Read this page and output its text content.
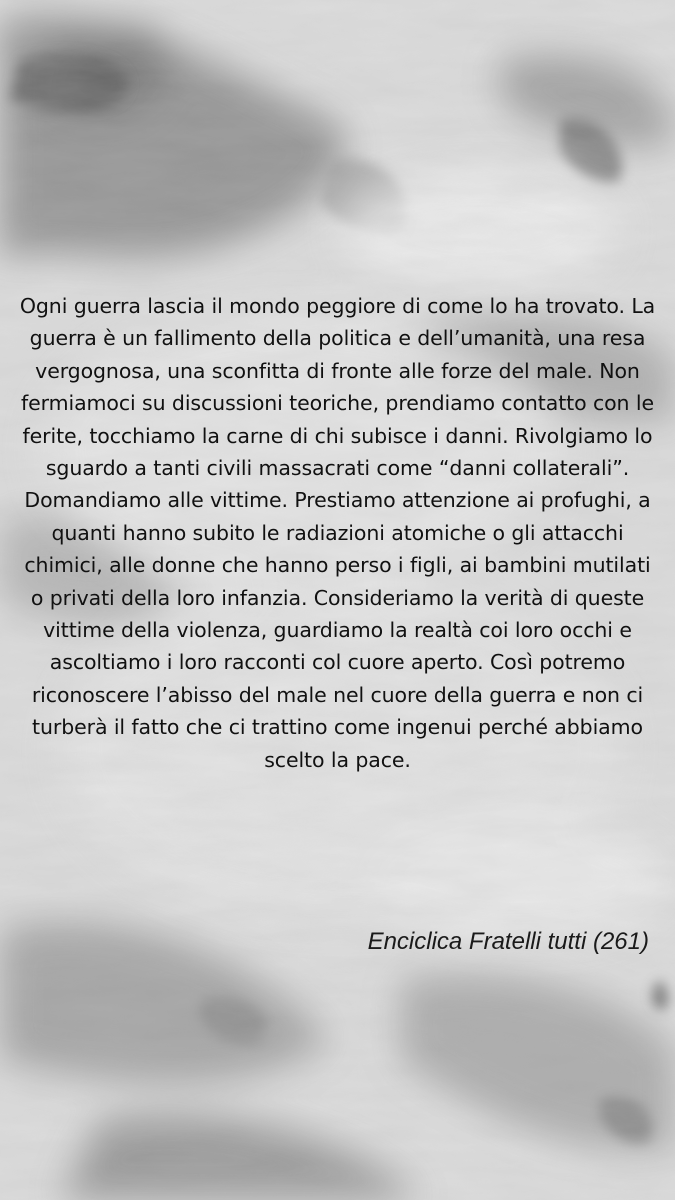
Ogni guerra lascia il mondo peggiore di come lo ha trovato. La guerra è un fallimento della politica e dell’umanità, una resa vergognosa, una sconfitta di fronte alle forze del male. Non fermiamoci su discussioni teoriche, prendiamo contatto con le ferite, tocchiamo la carne di chi subisce i danni. Rivolgiamo lo sguardo a tanti civili massacrati come “danni collaterali”. Domandiamo alle vittime. Prestiamo attenzione ai profughi, a quanti hanno subito le radiazioni atomiche o gli attacchi chimici, alle donne che hanno perso i figli, ai bambini mutilati o privati della loro infanzia. Consideriamo la verità di queste vittime della violenza, guardiamo la realtà coi loro occhi e ascoltiamo i loro racconti col cuore aperto. Così potremo riconoscere l’abisso del male nel cuore della guerra e non ci turberà il fatto che ci trattino come ingenui perché abbiamo scelto la pace.

Enciclica Fratelli tutti (261)
